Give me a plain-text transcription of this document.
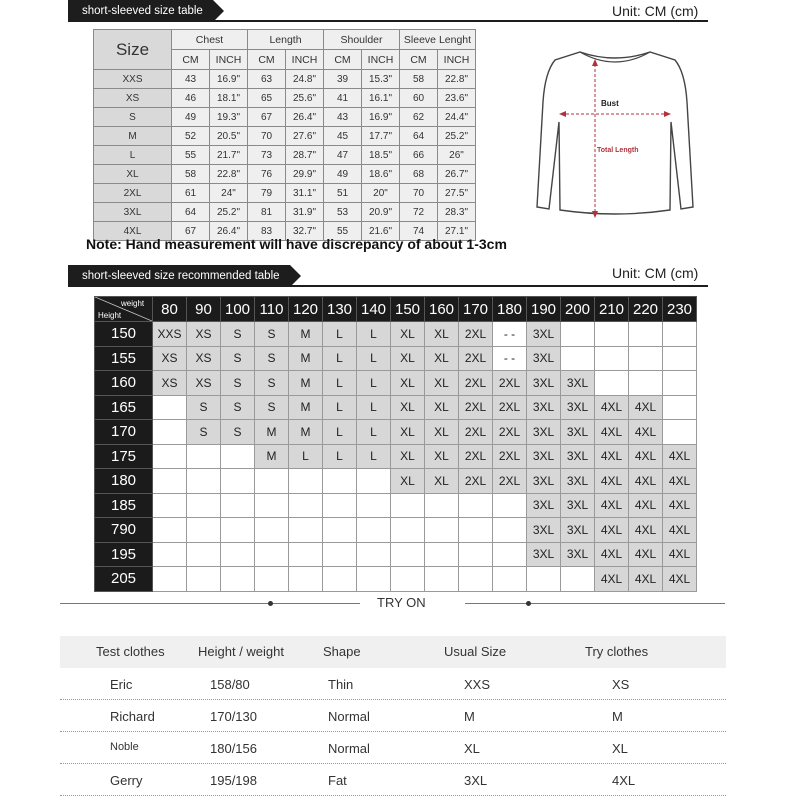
short-sleeved size table	Unit: CM (cm)
Size	Chest		Length		Shoulder		Sleeve Lenght	
	CM	INCH	CM	INCH	CM	INCH	CM	INCH
XXS	43	16.9"	63	24.8"	39	15.3"	58	22.8"
XS	46	18.1"	65	25.6"	41	16.1"	60	23.6"
S	49	19.3"	67	26.4"	43	16.9"	62	24.4"
M	52	20.5"	70	27.6"	45	17.7"	64	25.2"
L	55	21.7"	73	28.7"	47	18.5"	66	26"
XL	58	22.8"	76	29.9"	49	18.6"	68	26.7"
2XL	61	24"	79	31.1"	51	20"	70	27.5"
3XL	64	25.2"	81	31.9"	53	20.9"	72	28.3"
4XL	67	26.4"	83	32.7"	55	21.6"	74	27.1"
Bust
Total Length
Note: Hand measurement will have discrepancy of about 1-3cm
short-sleeved size recommended table	Unit: CM (cm)
weight
Height	80	90	100	110	120	130	140	150	160	170	180	190	200	210	220	230
150	XXS	XS	S	S	M	L	L	XL	XL	2XL	- -	3XL				
155	XS	XS	S	S	M	L	L	XL	XL	2XL	- -	3XL				
160	XS	XS	S	S	M	L	L	XL	XL	2XL	2XL	3XL	3XL			
165		S	S	S	M	L	L	XL	XL	2XL	2XL	3XL	3XL	4XL	4XL	
170		S	S	M	M	L	L	XL	XL	2XL	2XL	3XL	3XL	4XL	4XL	
175				M	L	L	L	XL	XL	2XL	2XL	3XL	3XL	4XL	4XL	4XL
180								XL	XL	2XL	2XL	3XL	3XL	4XL	4XL	4XL
185												3XL	3XL	4XL	4XL	4XL
790												3XL	3XL	4XL	4XL	4XL
195												3XL	3XL	4XL	4XL	4XL
205														4XL	4XL	4XL
TRY ON
Test clothes	Height / weight	Shape	Usual Size	Try clothes
Eric	158/80	Thin	XXS	XS
Richard	170/130	Normal	M	M
Noble	180/156	Normal	XL	XL
Gerry	195/198	Fat	3XL	4XL
